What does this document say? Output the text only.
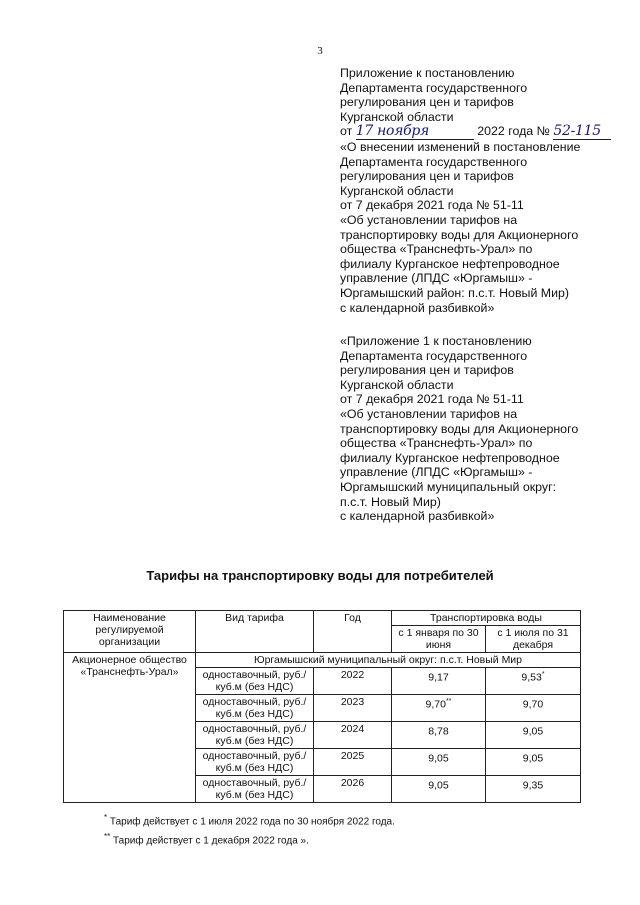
3
Приложение к постановлению
Департамента государственного
регулирования цен и тарифов
Курганской области
от 17 ноября	2022 года № 52-115
«О внесении изменений в постановление
Департамента государственного
регулирования цен и тарифов
Курганской области
от 7 декабря 2021 года № 51-11
«Об установлении тарифов на
транспортировку воды для Акционерного
общества «Транснефть-Урал» по
филиалу Курганское нефтепроводное
управление (ЛПДС «Юргамыш» -
Юргамышский район: п.с.т. Новый Мир)
с календарной разбивкой»
«Приложение 1 к постановлению
Департамента государственного
регулирования цен и тарифов
Курганской области
от 7 декабря 2021 года № 51-11
«Об установлении тарифов на
транспортировку воды для Акционерного
общества «Транснефть-Урал» по
филиалу Курганское нефтепроводное
управление (ЛПДС «Юргамыш» -
Юргамышский муниципальный округ:
п.с.т. Новый Мир)
с календарной разбивкой»
Тарифы на транспортировку воды для потребителей
Наименование регулируемой организации	Вид тарифа	Год	Транспортировка воды	
			с 1 января по 30 июня	с 1 июля по 31 декабря
Акционерное общество «Транснефть-Урал»	Юргамышский муниципальный округ: п.с.т. Новый Мир			
	одноставочный, руб./куб.м (без НДС)	2022	9,17	9,53*
	одноставочный, руб./куб.м (без НДС)	2023	9,70**	9,70
	одноставочный, руб./куб.м (без НДС)	2024	8,78	9,05
	одноставочный, руб./куб.м (без НДС)	2025	9,05	9,05
	одноставочный, руб./куб.м (без НДС)	2026	9,05	9,35
* Тариф действует с 1 июля 2022 года по 30 ноября 2022 года.
** Тариф действует с 1 декабря 2022 года ».
